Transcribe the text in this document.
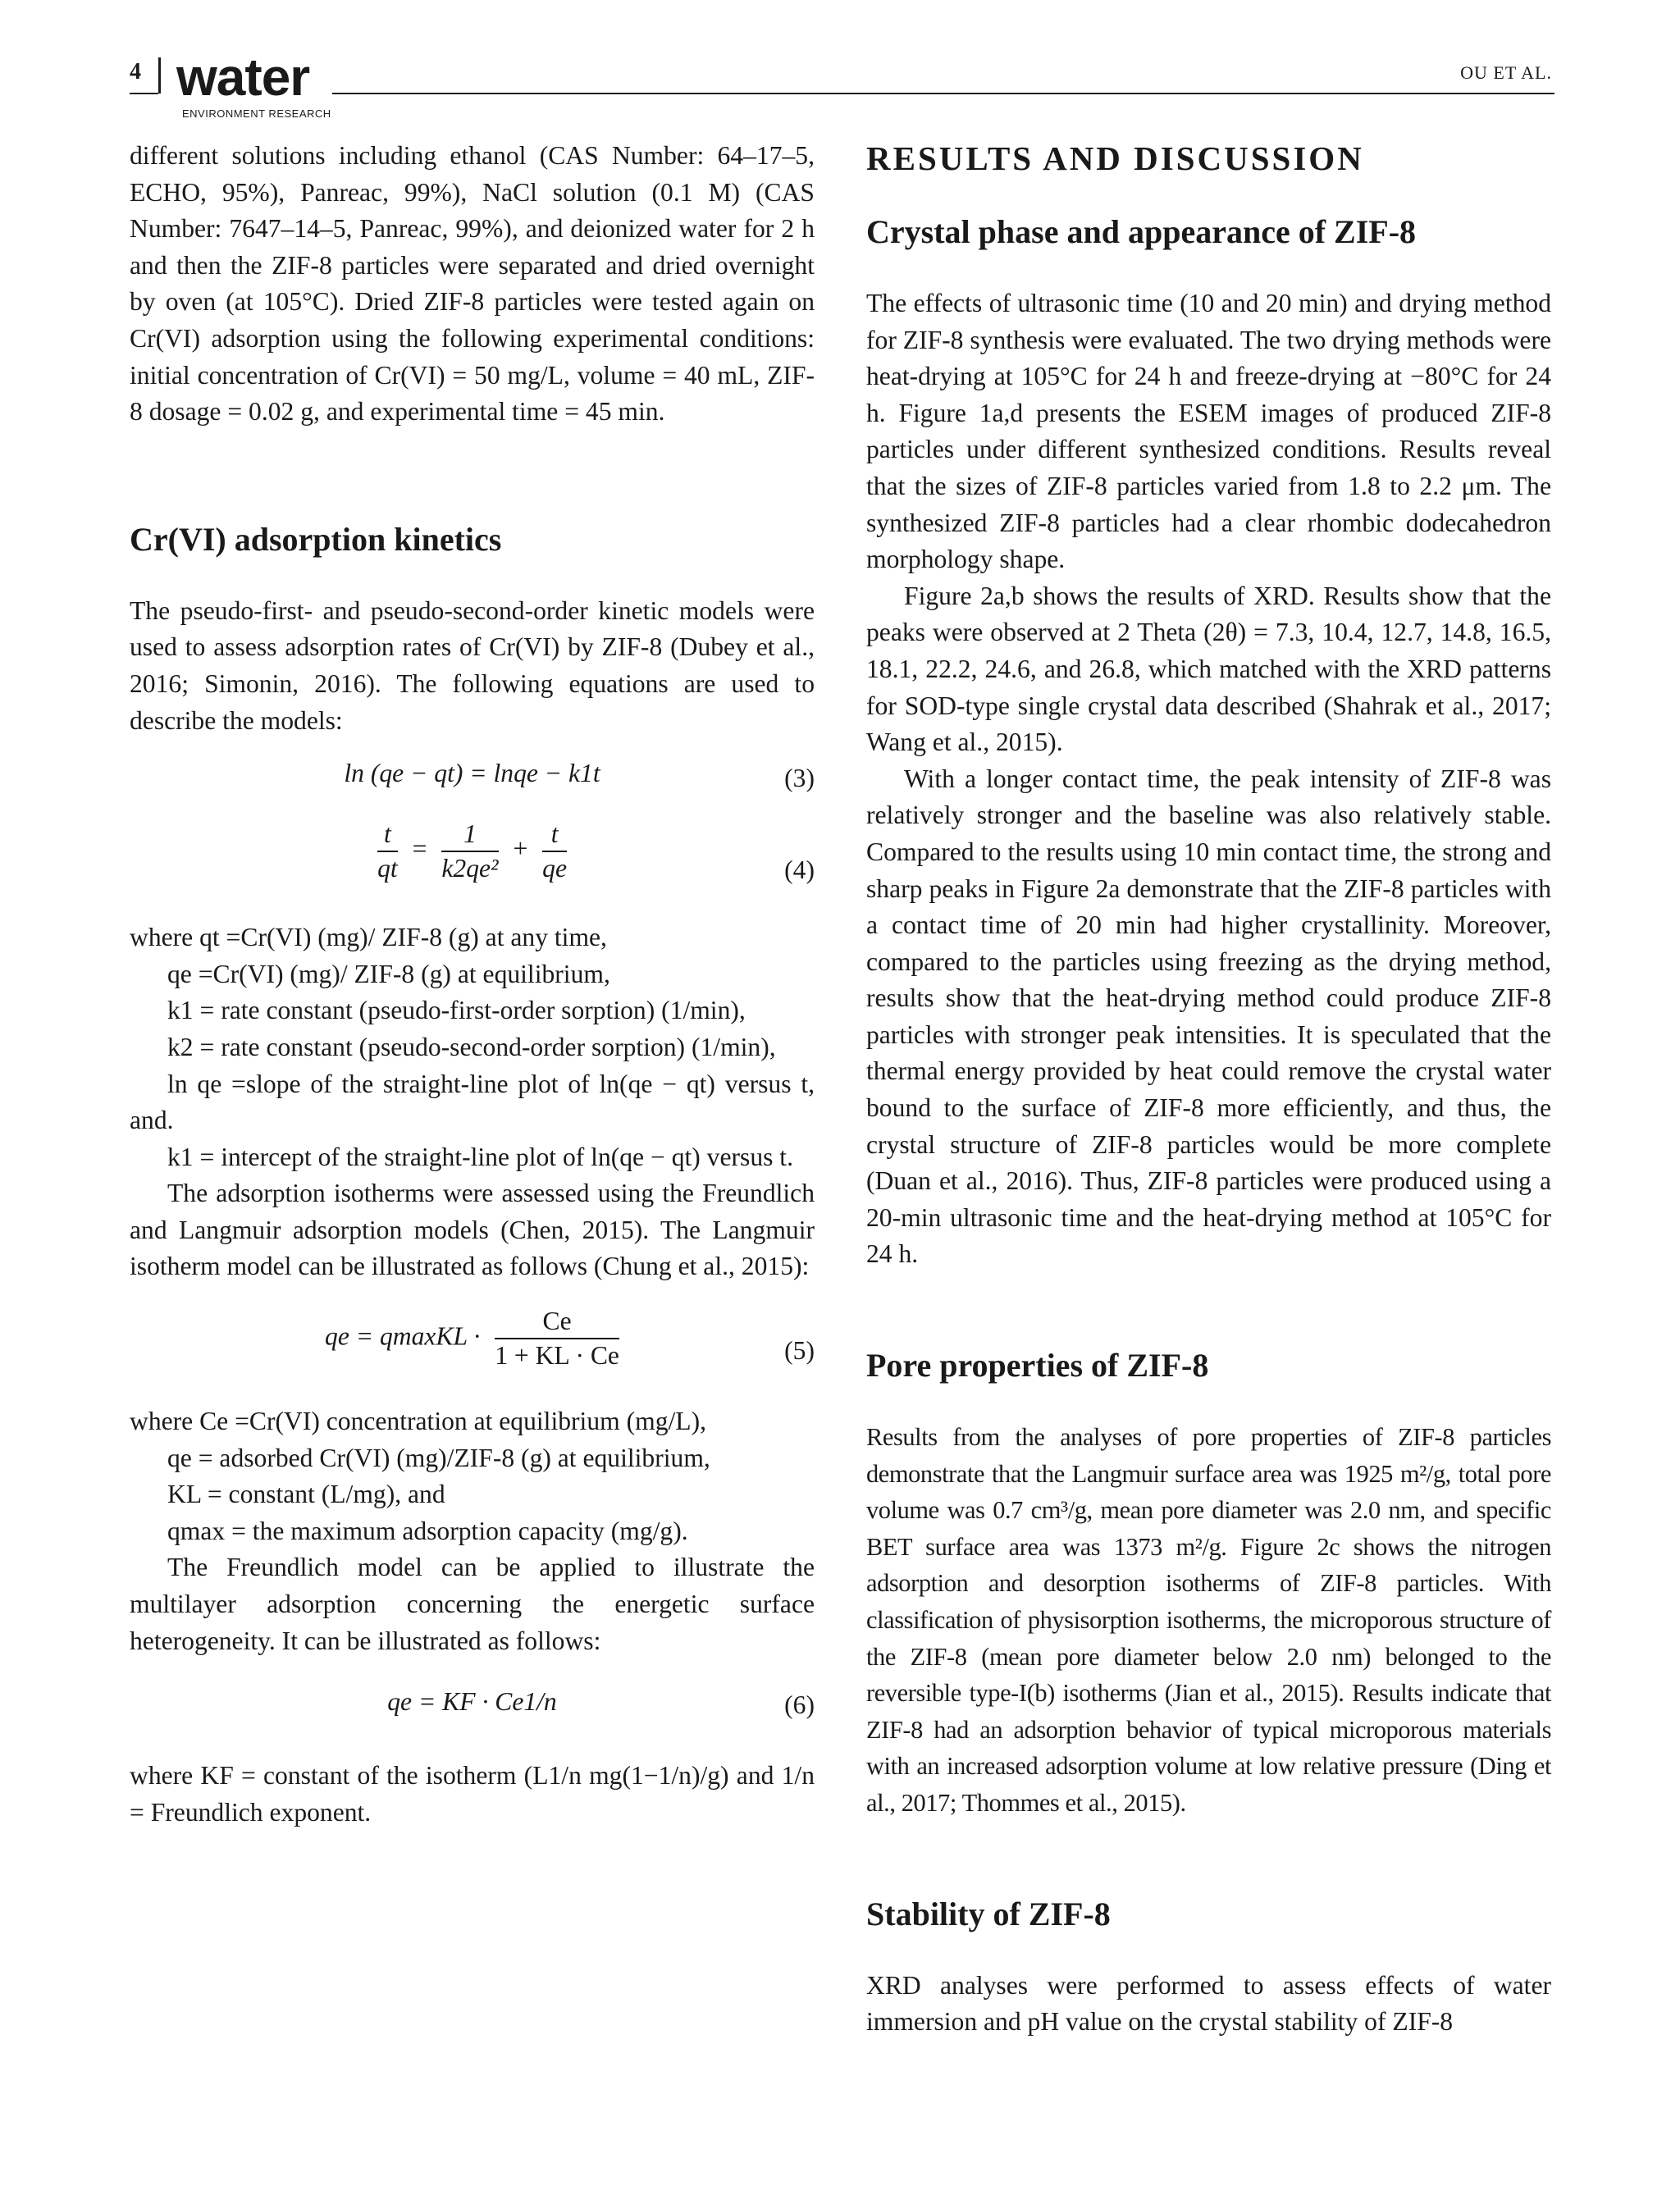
4 water
ENVIRONMENT RESEARCH
OU ET AL.

different solutions including ethanol (CAS Number: 64–17–5, ECHO, 95%), Panreac, 99%), NaCl solution (0.1 M) (CAS Number: 7647–14–5, Panreac, 99%), and deionized water for 2 h and then the ZIF-8 particles were separated and dried overnight by oven (at 105°C). Dried ZIF-8 particles were tested again on Cr(VI) adsorption using the following experimental conditions: initial concentration of Cr(VI) = 50 mg/L, volume = 40 mL, ZIF-8 dosage = 0.02 g, and experimental time = 45 min.

Cr(VI) adsorption kinetics

The pseudo-first- and pseudo-second-order kinetic models were used to assess adsorption rates of Cr(VI) by ZIF-8 (Dubey et al., 2016; Simonin, 2016). The following equations are used to describe the models:

ln (qe − qt) = lnqe − k1t	(3)
$\frac{t}{qt} = \frac{1}{\text{k2qe²}} + \frac{t}{qe}$	(4)

where qt =Cr(VI) (mg)/ ZIF-8 (g) at any time,

qe =Cr(VI) (mg)/ ZIF-8 (g) at equilibrium,

k1 = rate constant (pseudo-first-order sorption) (1/min),

k2 = rate constant (pseudo-second-order sorption) (1/min),

ln qe =slope of the straight-line plot of ln(qe − qt) versus t, and.

k1 = intercept of the straight-line plot of ln(qe − qt) versus t.

The adsorption isotherms were assessed using the Freundlich and Langmuir adsorption models (Chen, 2015). The Langmuir isotherm model can be illustrated as follows (Chung et al., 2015):

qe = qmaxKL · $\frac{Ce}{1 + KL \cdot Ce}$	(5)

where Ce =Cr(VI) concentration at equilibrium (mg/L),

qe = adsorbed Cr(VI) (mg)/ZIF-8 (g) at equilibrium,

KL = constant (L/mg), and

qmax = the maximum adsorption capacity (mg/g).

The Freundlich model can be applied to illustrate the multilayer adsorption concerning the energetic surface heterogeneity. It can be illustrated as follows:

qe = KF · Ce1/n	(6)

where KF = constant of the isotherm (L1/n mg(1−1/n)/g) and 1/n = Freundlich exponent.

RESULTS AND DISCUSSION
Crystal phase and appearance of ZIF-8

The effects of ultrasonic time (10 and 20 min) and drying method for ZIF-8 synthesis were evaluated. The two drying methods were heat-drying at 105°C for 24 h and freeze-drying at −80°C for 24 h. Figure 1a,d presents the ESEM images of produced ZIF-8 particles under different synthesized conditions. Results reveal that the sizes of ZIF-8 particles varied from 1.8 to 2.2 μm. The synthesized ZIF-8 particles had a clear rhombic dodecahedron morphology shape.

Figure 2a,b shows the results of XRD. Results show that the peaks were observed at 2 Theta (2θ) = 7.3, 10.4, 12.7, 14.8, 16.5, 18.1, 22.2, 24.6, and 26.8, which matched with the XRD patterns for SOD-type single crystal data described (Shahrak et al., 2017; Wang et al., 2015).

With a longer contact time, the peak intensity of ZIF-8 was relatively stronger and the baseline was also relatively stable. Compared to the results using 10 min contact time, the strong and sharp peaks in Figure 2a demonstrate that the ZIF-8 particles with a contact time of 20 min had higher crystallinity. Moreover, compared to the particles using freezing as the drying method, results show that the heat-drying method could produce ZIF-8 particles with stronger peak intensities. It is speculated that the thermal energy provided by heat could remove the crystal water bound to the surface of ZIF-8 more efficiently, and thus, the crystal structure of ZIF-8 particles would be more complete (Duan et al., 2016). Thus, ZIF-8 particles were produced using a 20-min ultrasonic time and the heat-drying method at 105°C for 24 h.

Pore properties of ZIF-8

Results from the analyses of pore properties of ZIF-8 particles demonstrate that the Langmuir surface area was 1925 m²/g, total pore volume was 0.7 cm³/g, mean pore diameter was 2.0 nm, and specific BET surface area was 1373 m²/g. Figure 2c shows the nitrogen adsorption and desorption isotherms of ZIF-8 particles. With classification of physisorption isotherms, the microporous structure of the ZIF-8 (mean pore diameter below 2.0 nm) belonged to the reversible type-I(b) isotherms (Jian et al., 2015). Results indicate that ZIF-8 had an adsorption behavior of typical microporous materials with an increased adsorption volume at low relative pressure (Ding et al., 2017; Thommes et al., 2015).

Stability of ZIF-8

XRD analyses were performed to assess effects of water immersion and pH value on the crystal stability of ZIF-8
